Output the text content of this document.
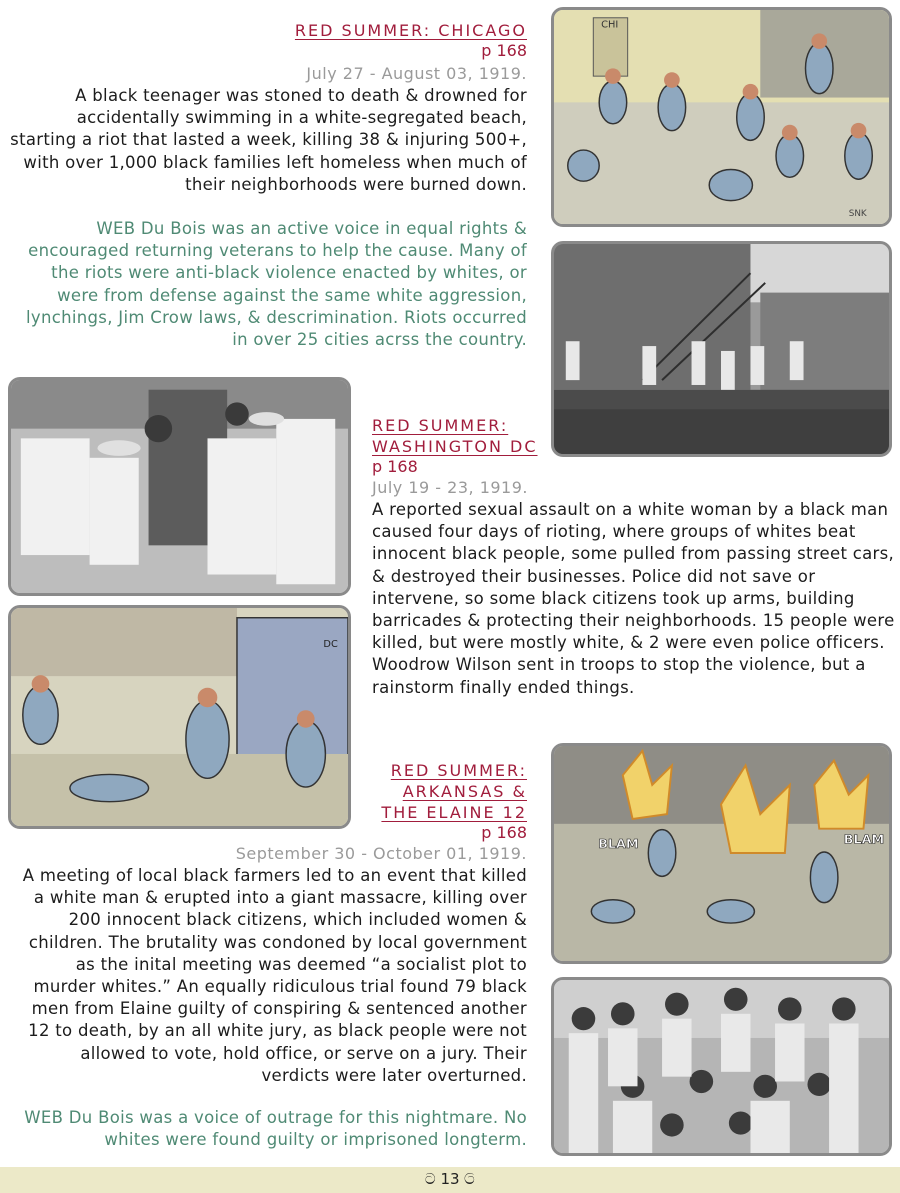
CHI
SNK
DC
BLAM	BLAM
RED SUMMER: CHICAGO
p 168
July 27 - August 03, 1919.
A black teenager was stoned to death & drowned for accidentally swimming in a white-segregated beach, starting a riot that lasted a week, killing 38 & injuring 500+, with over 1,000 black families left homeless when much of their neighborhoods were burned down.
WEB Du Bois was an active voice in equal rights & encouraged returning veterans to help the cause. Many of the riots were anti-black violence enacted by whites, or were from defense against the same white aggression, lynchings, Jim Crow laws, & descrimination. Riots occurred in over 25 cities acrss the country.
RED SUMMER:
WASHINGTON DC
p 168
July 19 - 23, 1919.
A reported sexual assault on a white woman by a black man caused four days of rioting, where groups of whites beat innocent black people, some pulled from passing street cars, & destroyed their businesses. Police did not save or intervene, so some black citizens took up arms, building barricades & protecting their neighborhoods. 15 people were killed, but were mostly white, & 2 were even police officers. Woodrow Wilson sent in troops to stop the violence, but a rainstorm finally ended things.
RED SUMMER:
ARKANSAS &
THE ELAINE 12
p 168
September 30 - October 01, 1919.
A meeting of local black farmers led to an event that killed a white man & erupted into a giant massacre, killing over 200 innocent black citizens, which included women & children. The brutality was condoned by local government as the inital meeting was deemed “a socialist plot to murder whites.” An equally ridiculous trial found 79 black men from Elaine guilty of conspiring & sentenced another 12 to death, by an all white jury, as black people were not allowed to vote, hold office, or serve on a jury. Their verdicts were later overturned.
WEB Du Bois was a voice of outrage for this nightmare. No whites were found guilty or imprisoned longterm.
ට 13 ට
